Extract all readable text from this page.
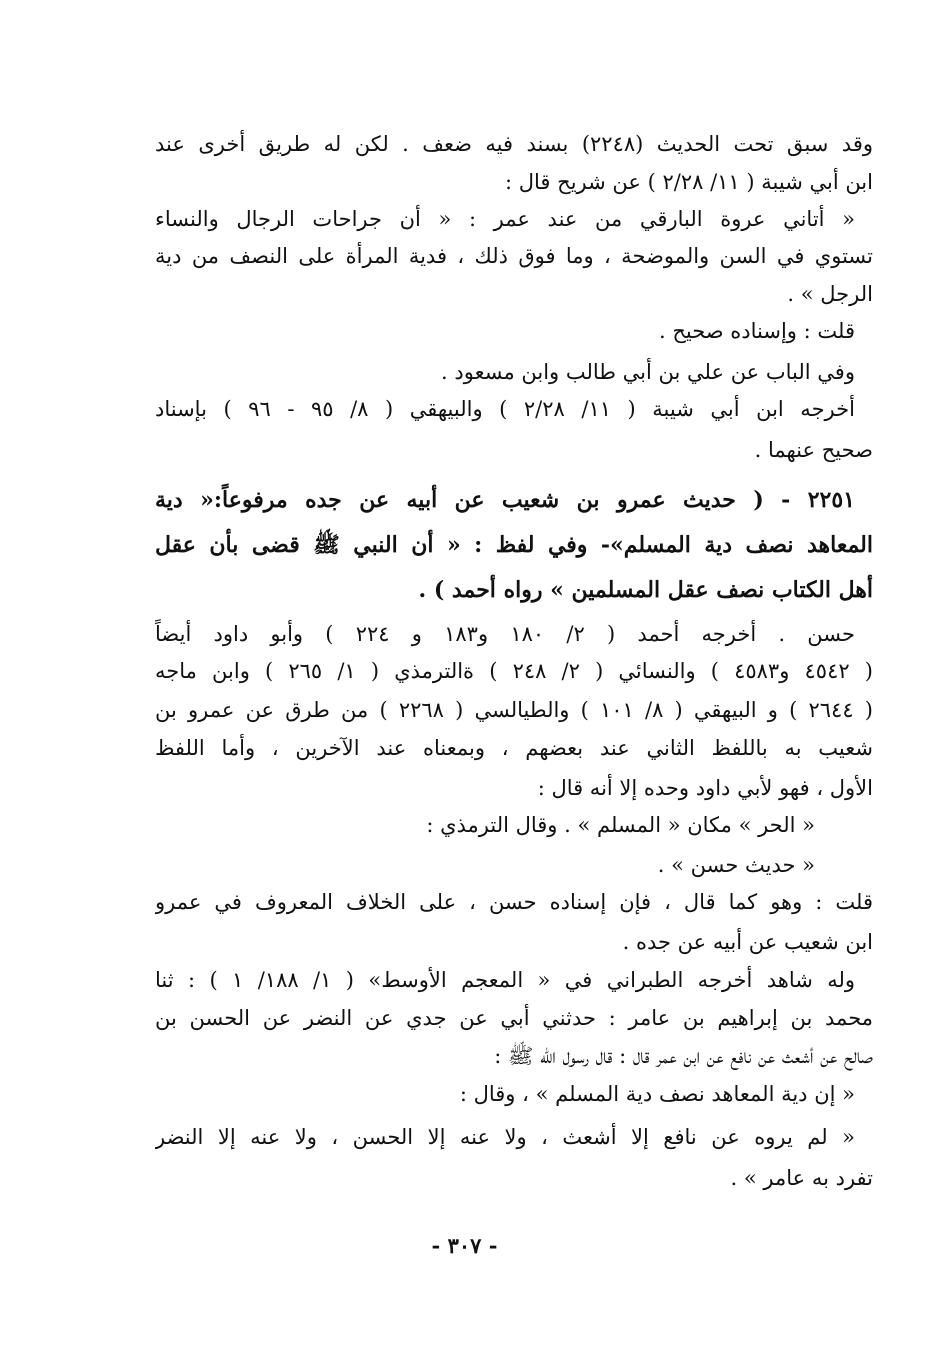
وقد سبق تحت الحديث (٢٢٤٨) بسند فيه ضعف . لكن له طريق أخرى عند
ابن أبي شيبة ( ١١/ ٢/٢٨ ) عن شريح قال :
« أتاني عروة البارقي من عند عمر : « أن جراحات الرجال والنساء
تستوي في السن والموضحة ، وما فوق ذلك ، فدية المرأة على النصف من دية
الرجل » .
قلت : وإسناده صحيح .
وفي الباب عن علي بن أبي طالب وابن مسعود .
أخرجه ابن أبي شيبة ( ١١/ ٢/٢٨ ) والبيهقي ( ٨/ ٩٥ - ٩٦ ) بإسناد
صحيح عنهما .
٢٢٥١ - ( حديث عمرو بن شعيب عن أبيه عن جده مرفوعاً:« دية
المعاهد نصف دية المسلم»- وفي لفظ : « أن النبي ﷺ قضى بأن عقل
أهل الكتاب نصف عقل المسلمين » رواه أحمد ) .
حسن . أخرجه أحمد ( ٢/ ١٨٠ و١٨٣ و ٢٢٤ ) وأبو داود أيضاً
( ٤٥٤٢ و٤٥٨٣ ) والنسائي ( ٢/ ٢٤٨ ) ةالترمذي ( ١/ ٢٦٥ ) وابن ماجه
( ٢٦٤٤ ) و البيهقي ( ٨/ ١٠١ ) والطيالسي ( ٢٢٦٨ ) من طرق عن عمرو بن
شعيب به باللفظ الثاني عند بعضهم ، وبمعناه عند الآخرين ، وأما اللفظ
الأول ، فهو لأبي داود وحده إلا أنه قال :
« الحر » مكان « المسلم » . وقال الترمذي :
« حديث حسن » .
قلت : وهو كما قال ، فإن إسناده حسن ، على الخلاف المعروف في عمرو
ابن شعيب عن أبيه عن جده .
وله شاهد أخرجه الطبراني في « المعجم الأوسط» ( ١/ ١٨٨/ ١ ) : ثنا
محمد بن إبراهيم بن عامر : حدثني أبي عن جدي عن النضر عن الحسن بن
صالح عن أشعث عن نافع عن ابن عمر قال : قال رسول الله ﷺ :
« إن دية المعاهد نصف دية المسلم » ، وقال :
« لم يروه عن نافع إلا أشعث ، ولا عنه إلا الحسن ، ولا عنه إلا النضر
تفرد به عامر » .
- ٣٠٧ -
